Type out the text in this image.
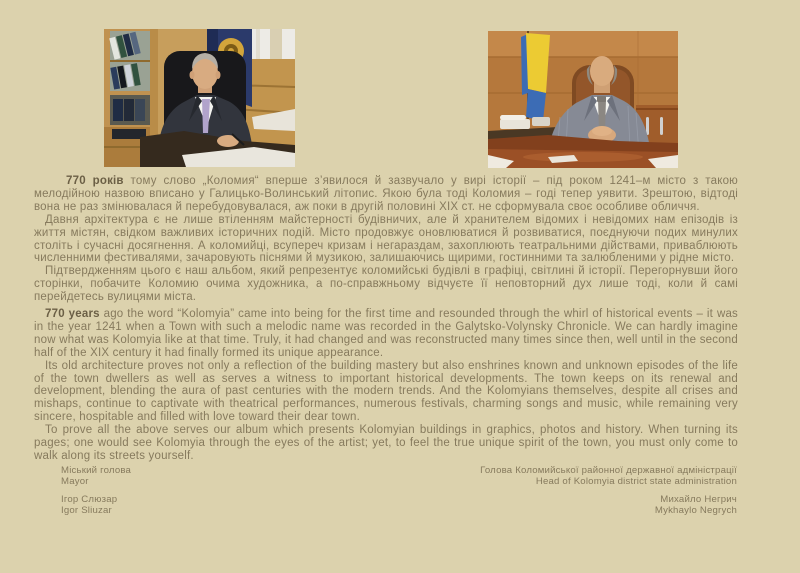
770 років тому слово „Коломия“ вперше з’явилося й зазвучало у вирі історії – під роком 1241–м місто з такою мелодійною назвою вписано у Галицько-Волинський літопис. Якою була тоді Коломия – годі тепер уявити. Зрештою, відтоді вона не раз змінювалася й перебудовувалася, аж поки в другій половині XIX ст. не сформувала своє особливе обличчя.

Давня архітектура є не лише втіленням майстерності будівничих, але й хранителем відомих і невідомих нам епізодів із життя містян, свідком важливих історичних подій. Місто продовжує оновлюватися й розвиватися, поєднуючи подих минулих століть і сучасні досягнення. А коломийці, всупереч кризам і негараздам, захоплюють театральними дійствами, приваблюють численними фестивалями, зачаровують піснями й музикою, залишаючись щирими, гостинними та залюбленими у рідне місто.

Підтвердженням цього є наш альбом, який репрезентує коломийські будівлі в графіці, світлині й історії. Перегорнувши його сторінки, побачите Коломию очима художника, а по-справжньому відчуєте її неповторний дух лише тоді, коли й самі перейдетесь вулицями міста.

770 years ago the word “Kolomyia” came into being for the first time and resounded through the whirl of historical events – it was in the year 1241 when a Town with such a melodic name was recorded in the Galytsko-Volynsky Chronicle. We can hardly imagine now what was Kolomyia like at that time. Truly, it had changed and was reconstructed many times since then, well until in the second half of the XIX century it had finally formed its unique appearance.

Its old architecture proves not only a reflection of the building mastery but also enshrines known and unknown episodes of the life of the town dwellers as well as serves a witness to important historical developments. The town keeps on its renewal and development, blending the aura of past centuries with the modern trends. And the Kolomyians themselves, despite all crises and mishaps, continue to captivate with theatrical performances, numerous festivals, charming songs and music, while remaining very sincere, hospitable and filled with love toward their dear town.

To prove all the above serves our album which presents Kolomyian buildings in graphics, photos and history. When turning its pages; one would see Kolomyia through the eyes of the artist; yet, to feel the true unique spirit of the town, you must only come to walk along its streets yourself.

Міський голова
Mayor
Ігор Слюзар
Igor Sliuzar
Голова Коломийської районної державної адміністрації
Head of Kolomyia district state administration
Михайло Негрич
Mykhaylo Negrych
